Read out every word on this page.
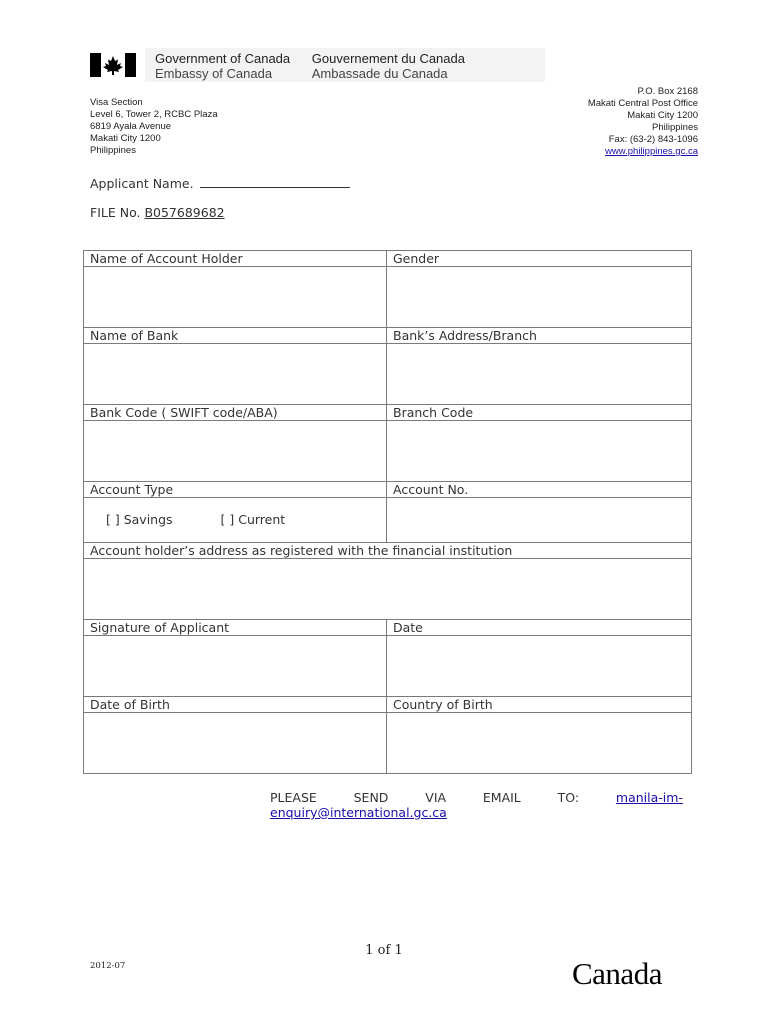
Government of Canada
Embassy of Canada

Gouvernement du Canada
Ambassade du Canada
Visa Section
Level 6, Tower 2, RCBC Plaza
6819 Ayala Avenue
Makati City 1200
Philippines
P.O. Box 2168
Makati Central Post Office
Makati City 1200
Philippines
Fax: (63-2) 843-1096
www.philippines.gc.ca
Applicant Name.
FILE No. B057689682
Name of Account Holder	Gender

Name of Bank	Bank’s Address/Branch

Bank Code ( SWIFT code/ABA)	Branch Code

Account Type	Account No.
[ ] Savings [ ] Current	
Account holder’s address as registered with the financial institution	

Signature of Applicant	Date

Date of Birth	Country of Birth

PLEASE	SEND	VIA	EMAIL	TO:	manila-im-
enquiry@international.gc.ca
1 of 1
2012-07	Canada
